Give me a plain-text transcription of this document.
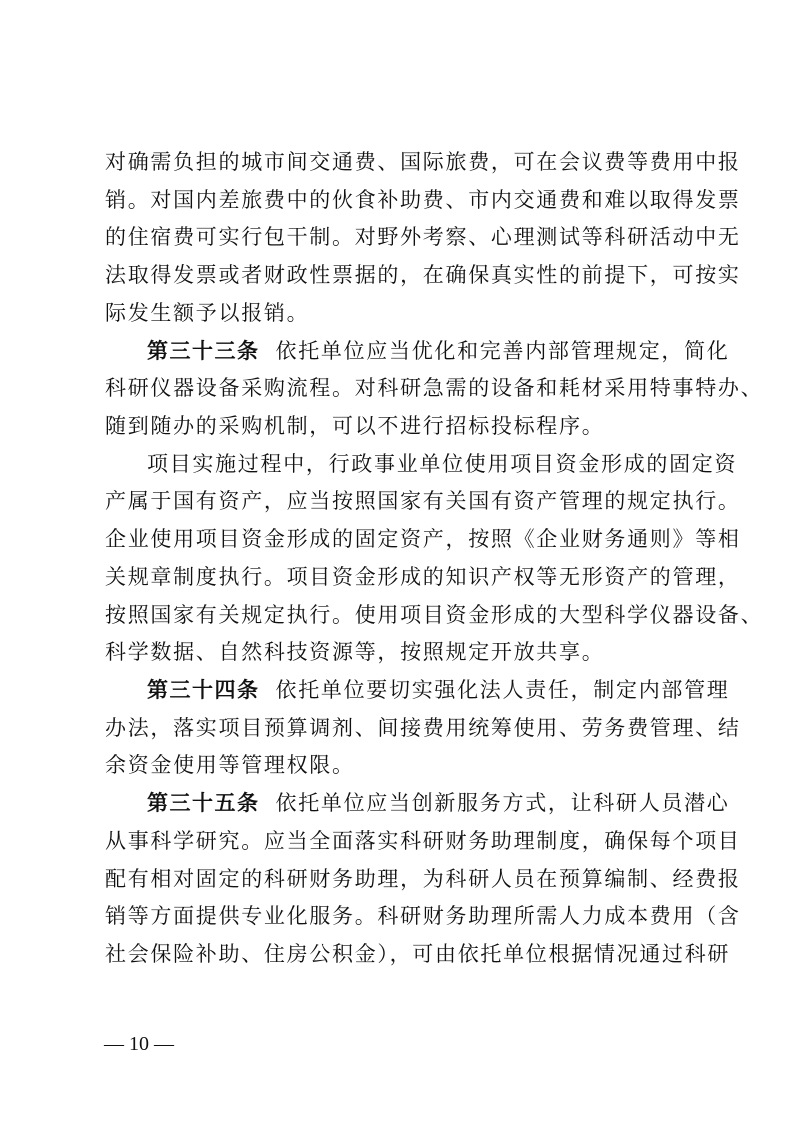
对确需负担的城市间交通费、国际旅费，可在会议费等费用中报
销。对国内差旅费中的伙食补助费、市内交通费和难以取得发票
的住宿费可实行包干制。对野外考察、心理测试等科研活动中无
法取得发票或者财政性票据的，在确保真实性的前提下，可按实
际发生额予以报销。
第三十三条 依托单位应当优化和完善内部管理规定，简化
科研仪器设备采购流程。对科研急需的设备和耗材采用特事特办、
随到随办的采购机制，可以不进行招标投标程序。
项目实施过程中，行政事业单位使用项目资金形成的固定资
产属于国有资产，应当按照国家有关国有资产管理的规定执行。
企业使用项目资金形成的固定资产，按照《企业财务通则》等相
关规章制度执行。项目资金形成的知识产权等无形资产的管理，
按照国家有关规定执行。使用项目资金形成的大型科学仪器设备、
科学数据、自然科技资源等，按照规定开放共享。
第三十四条 依托单位要切实强化法人责任，制定内部管理
办法，落实项目预算调剂、间接费用统筹使用、劳务费管理、结
余资金使用等管理权限。
第三十五条 依托单位应当创新服务方式，让科研人员潜心
从事科学研究。应当全面落实科研财务助理制度，确保每个项目
配有相对固定的科研财务助理，为科研人员在预算编制、经费报
销等方面提供专业化服务。科研财务助理所需人力成本费用（含
— 10 —
社会保险补助、住房公积金），可由依托单位根据情况通过科研
